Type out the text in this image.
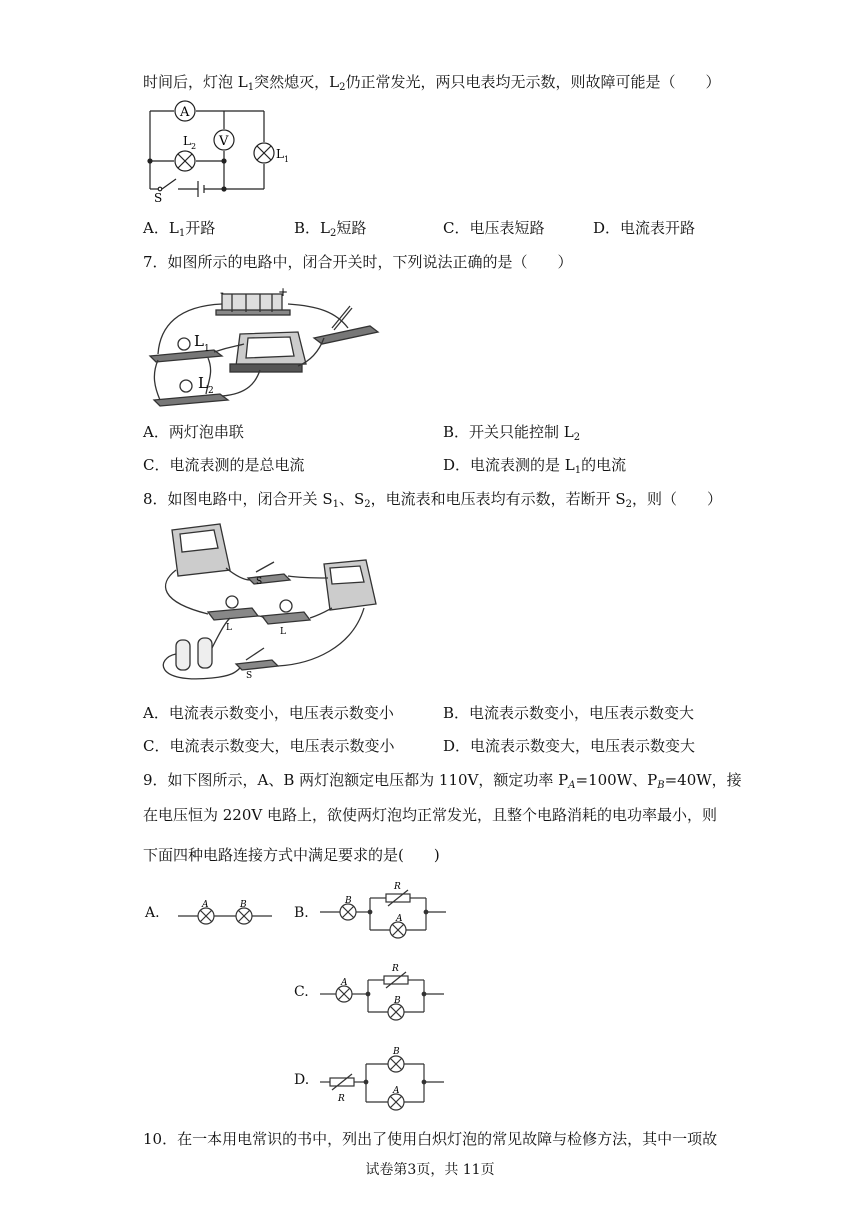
时间后，灯泡 $L_1$突然熄灭，$L_2$仍正常发光，两只电表均无示数，则故障可能是（　　）
A
V
L 2
L 1
S
A．$L_1$开路	B．$L_2$短路	C．电压表短路	D．电流表开路
7．如图所示的电路中，闭合开关时，下列说法正确的是（　　）
L 1
L 2
-	+
A．两灯泡串联	B．开关只能控制 $L_2$
C．电流表测的是总电流	D．电流表测的是 $L_1$的电流
8．如图电路中，闭合开关 $S_1$、$S_2$，电流表和电压表均有示数，若断开 $S_2$，则（　　）
L	L
S
S
A．电流表示数变小，电压表示数变小	B．电流表示数变小，电压表示数变大
C．电流表示数变大，电压表示数变小	D．电流表示数变大，电压表示数变大
9．如下图所示，A、B 两灯泡额定电压都为 110V，额定功率 $P_A=100W$、$P_B=40W$，接
在电压恒为 220V 电路上，欲使两灯泡均正常发光，且整个电路消耗的电功率最小，则
下面四种电路连接方式中满足要求的是(　　)
A.	A	B	B.
B
R
A
C.
A
R
B
D.
R
B
A
10．在一本用电常识的书中，列出了使用白炽灯泡的常见故障与检修方法，其中一项故
试卷第3页，共 11页
